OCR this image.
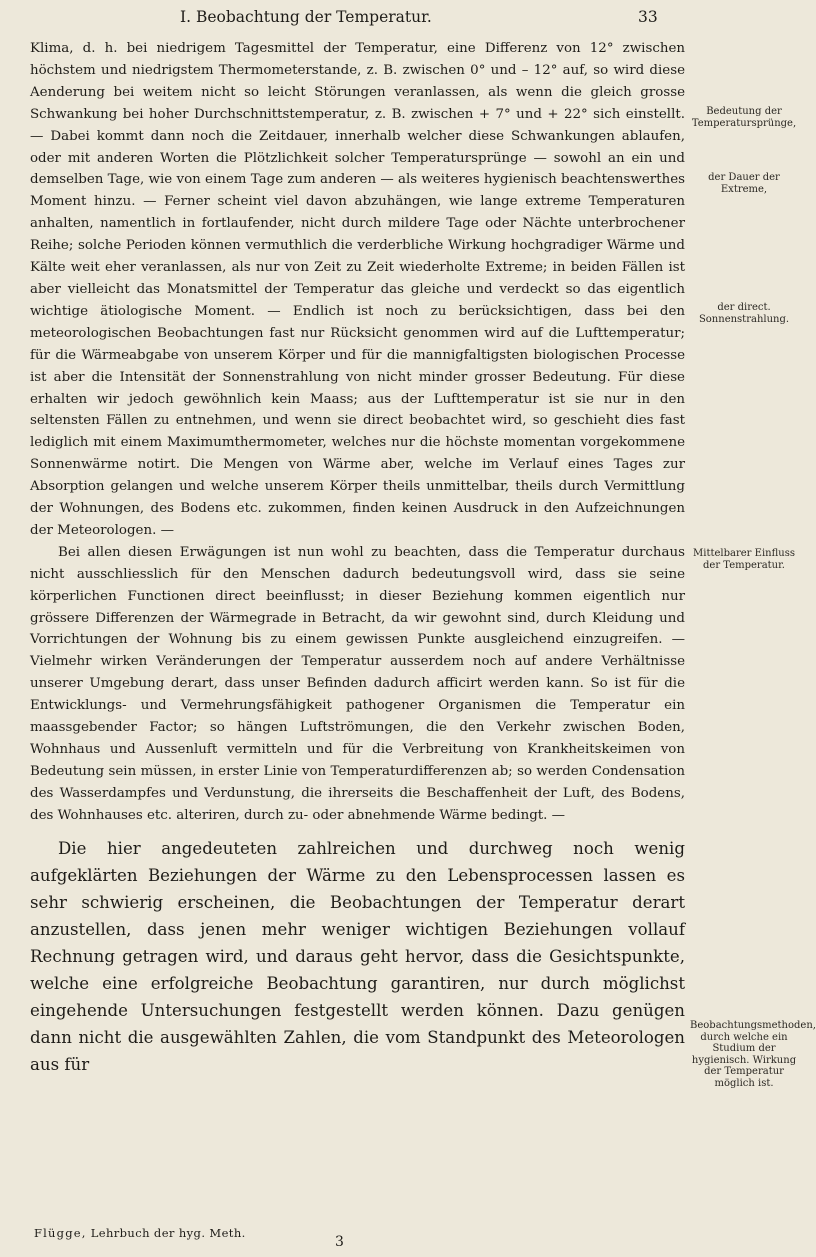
I. Beobachtung der Temperatur.	33

Klima, d. h. bei niedrigem Tagesmittel der Temperatur, eine Differenz von 12° zwischen höchstem und niedrigstem Thermometerstande, z. B. zwischen 0° und – 12° auf, so wird diese Aenderung bei weitem nicht so leicht Störungen veranlassen, als wenn die gleich grosse Schwankung bei hoher Durchschnittstemperatur, z. B. zwischen + 7° und + 22° sich einstellt. — Dabei kommt dann noch die Zeitdauer, innerhalb welcher diese Schwankungen ablaufen, oder mit anderen Worten die Plötzlichkeit solcher Temperatursprünge — sowohl an ein und demselben Tage, wie von einem Tage zum anderen — als weiteres hygienisch beachtenswerthes Moment hinzu. — Ferner scheint viel davon abzuhängen, wie lange extreme Temperaturen anhalten, namentlich in fortlaufender, nicht durch mildere Tage oder Nächte unterbrochener Reihe; solche Perioden können vermuthlich die verderbliche Wirkung hochgradiger Wärme und Kälte weit eher veranlassen, als nur von Zeit zu Zeit wiederholte Extreme; in beiden Fällen ist aber vielleicht das Monatsmittel der Temperatur das gleiche und verdeckt so das eigentlich wichtige ätiologische Moment. — Endlich ist noch zu berücksichtigen, dass bei den meteorologischen Beobachtungen fast nur Rücksicht genommen wird auf die Lufttemperatur; für die Wärmeabgabe von unserem Körper und für die mannigfaltigsten biologischen Processe ist aber die Intensität der Sonnenstrahlung von nicht minder grosser Bedeutung. Für diese erhalten wir jedoch gewöhnlich kein Maass; aus der Lufttemperatur ist sie nur in den seltensten Fällen zu entnehmen, und wenn sie direct beobachtet wird, so geschieht dies fast lediglich mit einem Maximumthermometer, welches nur die höchste momentan vorgekommene Sonnenwärme notirt. Die Mengen von Wärme aber, welche im Verlauf eines Tages zur Absorption gelangen und welche unserem Körper theils unmittelbar, theils durch Vermittlung der Wohnungen, des Bodens etc. zukommen, finden keinen Ausdruck in den Aufzeichnungen der Meteorologen. —

Bei allen diesen Erwägungen ist nun wohl zu beachten, dass die Temperatur durchaus nicht ausschliesslich für den Menschen dadurch bedeutungsvoll wird, dass sie seine körperlichen Functionen direct beeinflusst; in dieser Beziehung kommen eigentlich nur grössere Differenzen der Wärmegrade in Betracht, da wir gewohnt sind, durch Kleidung und Vorrichtungen der Wohnung bis zu einem gewissen Punkte ausgleichend einzugreifen. — Vielmehr wirken Veränderungen der Temperatur ausserdem noch auf andere Verhältnisse unserer Umgebung derart, dass unser Befinden dadurch afficirt werden kann. So ist für die Entwicklungs- und Vermehrungsfähigkeit pathogener Organismen die Temperatur ein maassgebender Factor; so hängen Luftströmungen, die den Verkehr zwischen Boden, Wohnhaus und Aussenluft vermitteln und für die Verbreitung von Krankheitskeimen von Bedeutung sein müssen, in erster Linie von Temperaturdifferenzen ab; so werden Condensation des Wasserdampfes und Verdunstung, die ihrerseits die Beschaffenheit der Luft, des Bodens, des Wohnhauses etc. alteriren, durch zu- oder abnehmende Wärme bedingt. —

Die hier angedeuteten zahlreichen und durchweg noch wenig aufgeklärten Beziehungen der Wärme zu den Lebensprocessen lassen es sehr schwierig erscheinen, die Beobachtungen der Temperatur derart anzustellen, dass jenen mehr weniger wichtigen Beziehungen vollauf Rechnung getragen wird, und daraus geht hervor, dass die Gesichtspunkte, welche eine erfolgreiche Beobachtung garantiren, nur durch möglichst eingehende Untersuchungen festgestellt werden können. Dazu genügen dann nicht die ausgewählten Zahlen, die vom Standpunkt des Meteorologen aus für

Bedeutung der Temperatursprünge,
der Dauer der Extreme,
der direct. Sonnenstrahlung.
Mittelbarer Einfluss der Temperatur.
Beobachtungsmethoden, durch welche ein Studium der hygienisch. Wirkung der Temperatur möglich ist.
Flügge, Lehrbuch der hyg. Meth.
3
